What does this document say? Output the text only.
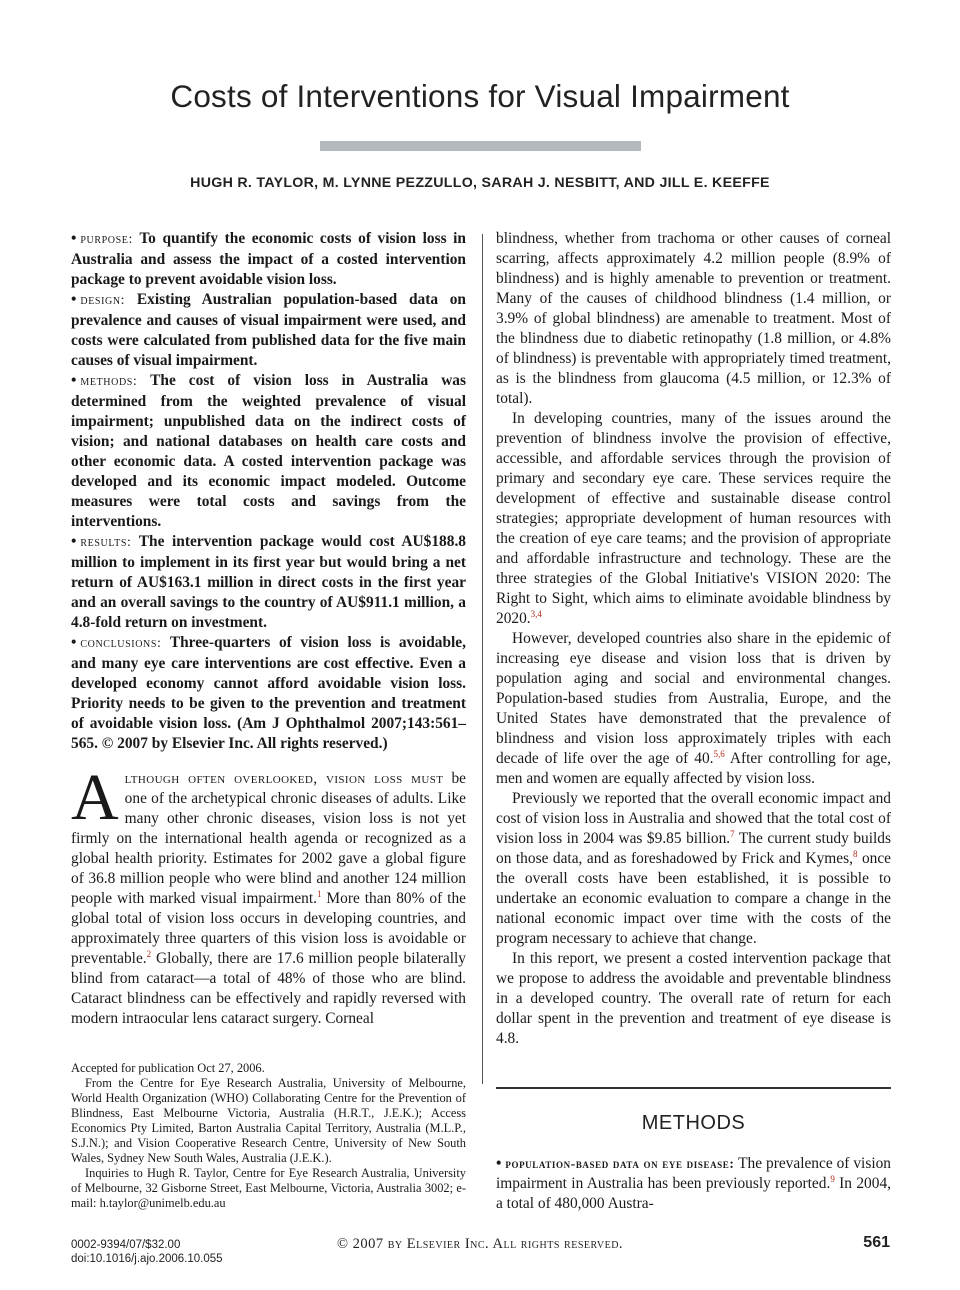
Costs of Interventions for Visual Impairment
HUGH R. TAYLOR, M. LYNNE PEZZULLO, SARAH J. NESBITT, AND JILL E. KEEFFE

• purpose: To quantify the economic costs of vision loss in Australia and assess the impact of a costed intervention package to prevent avoidable vision loss.

• design: Existing Australian population-based data on prevalence and causes of visual impairment were used, and costs were calculated from published data for the five main causes of visual impairment.

• methods: The cost of vision loss in Australia was determined from the weighted prevalence of visual impairment; unpublished data on the indirect costs of vision; and national databases on health care costs and other economic data. A costed intervention package was developed and its economic impact modeled. Outcome measures were total costs and savings from the interventions.

• results: The intervention package would cost AU$188.8 million to implement in its first year but would bring a net return of AU$163.1 million in direct costs in the first year and an overall savings to the country of AU$911.1 million, a 4.8-fold return on investment.

• conclusions: Three-quarters of vision loss is avoidable, and many eye care interventions are cost effective. Even a developed economy cannot afford avoidable vision loss. Priority needs to be given to the prevention and treatment of avoidable vision loss. (Am J Ophthalmol 2007;143:561–565. © 2007 by Elsevier Inc. All rights reserved.)

Although often overlooked, vision loss must be one of the archetypical chronic diseases of adults. Like many other chronic diseases, vision loss is not yet firmly on the international health agenda or recognized as a global health priority. Estimates for 2002 gave a global figure of 36.8 million people who were blind and another 124 million people with marked visual impairment.$^1$ More than 80% of the global total of vision loss occurs in developing countries, and approximately three quarters of this vision loss is avoidable or preventable.$^2$ Globally, there are 17.6 million people bilaterally blind from cataract—a total of 48% of those who are blind. Cataract blindness can be effectively and rapidly reversed with modern intraocular lens cataract surgery. Corneal

Accepted for publication Oct 27, 2006.

From the Centre for Eye Research Australia, University of Melbourne, World Health Organization (WHO) Collaborating Centre for the Prevention of Blindness, East Melbourne Victoria, Australia (H.R.T., J.E.K.); Access Economics Pty Limited, Barton Australia Capital Territory, Australia (M.L.P., S.J.N.); and Vision Cooperative Research Centre, University of New South Wales, Sydney New South Wales, Australia (J.E.K.).

Inquiries to Hugh R. Taylor, Centre for Eye Research Australia, University of Melbourne, 32 Gisborne Street, East Melbourne, Victoria, Australia 3002; e-mail: h.taylor@unimelb.edu.au

blindness, whether from trachoma or other causes of corneal scarring, affects approximately 4.2 million people (8.9% of blindness) and is highly amenable to prevention or treatment. Many of the causes of childhood blindness (1.4 million, or 3.9% of global blindness) are amenable to treatment. Most of the blindness due to diabetic retinopathy (1.8 million, or 4.8% of blindness) is preventable with appropriately timed treatment, as is the blindness from glaucoma (4.5 million, or 12.3% of total).

In developing countries, many of the issues around the prevention of blindness involve the provision of effective, accessible, and affordable services through the provision of primary and secondary eye care. These services require the development of effective and sustainable disease control strategies; appropriate development of human resources with the creation of eye care teams; and the provision of appropriate and affordable infrastructure and technology. These are the three strategies of the Global Initiative's VISION 2020: The Right to Sight, which aims to eliminate avoidable blindness by 2020.$^{3,4}$

However, developed countries also share in the epidemic of increasing eye disease and vision loss that is driven by population aging and social and environmental changes. Population-based studies from Australia, Europe, and the United States have demonstrated that the prevalence of blindness and vision loss approximately triples with each decade of life over the age of 40.$^{5,6}$ After controlling for age, men and women are equally affected by vision loss.

Previously we reported that the overall economic impact and cost of vision loss in Australia and showed that the total cost of vision loss in 2004 was $9.85 billion.$^7$ The current study builds on those data, and as foreshadowed by Frick and Kymes,$^8$ once the overall costs have been established, it is possible to undertake an economic evaluation to compare a change in the national economic impact over time with the costs of the program necessary to achieve that change.

In this report, we present a costed intervention package that we propose to address the avoidable and preventable blindness in a developed country. The overall rate of return for each dollar spent in the prevention and treatment of eye disease is 4.8.

METHODS
• population-based data on eye disease: The prevalence of vision impairment in Australia has been previously reported.$^9$ In 2004, a total of 480,000 Austra-
0002-9394/07/$32.00
doi:10.1016/j.ajo.2006.10.055
© 2007 by Elsevier Inc. All rights reserved.	561
